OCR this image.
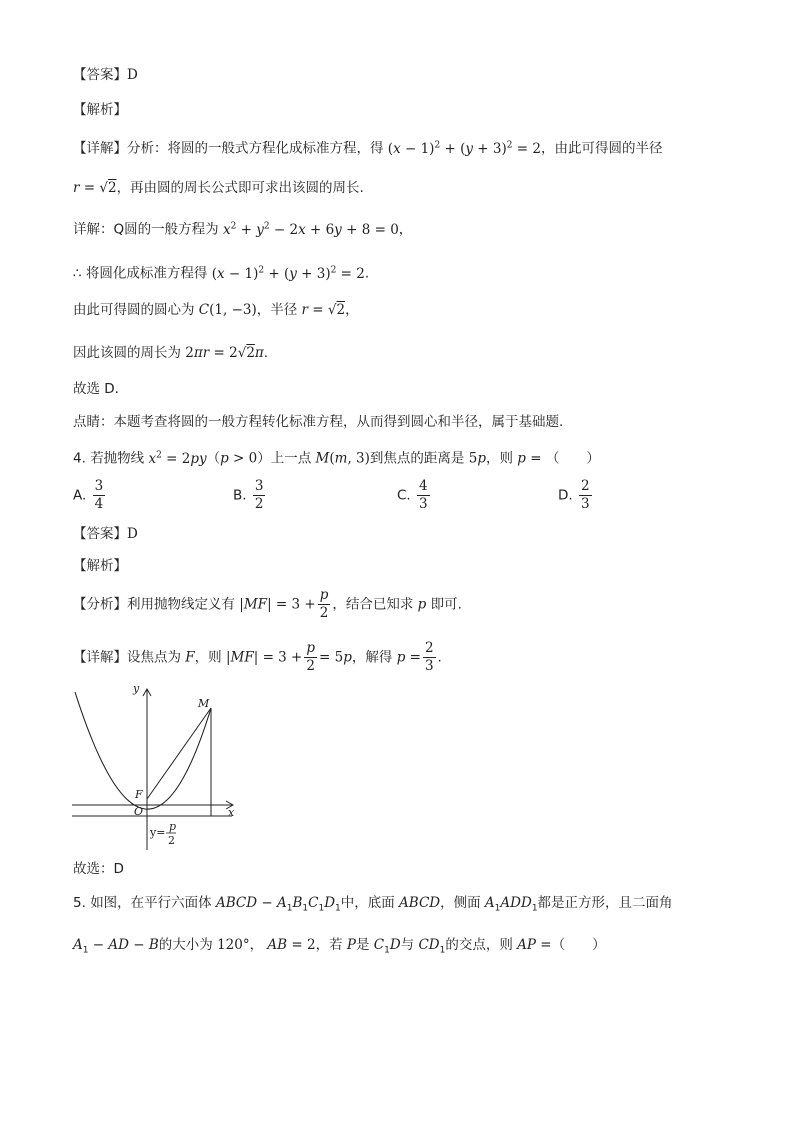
【答案】D
【解析】
【详解】分析：将圆的一般式方程化成标准方程，得 $(x - 1)^2 + (y + 3)^2 = 2$，由此可得圆的半径
r = √2，再由圆的周长公式即可求出该圆的周长.
详解：Q圆的一般方程为 $x^2 + y^2 - 2x + 6y + 8 = 0$，
∴ 将圆化成标准方程得 $(x - 1)^2 + (y + 3)^2 = 2$.
由此可得圆的圆心为 C(1, −3)，半径 r = √2，
因此该圆的周长为 2πr = 2√2π.
故选 D.
点睛：本题考查将圆的一般方程转化标准方程，从而得到圆心和半径，属于基础题.
4. 若抛物线 $x^2 = 2py(p > 0)$上一点 M(m, 3)到焦点的距离是 5p，则 p = （　　）
A. $\frac{3}{4}$	B. $\frac{3}{2}$	C. $\frac{4}{3}$	D. $\frac{2}{3}$
【答案】D
【解析】
【分析】利用抛物线定义有 $|MF| = 3 + \frac{p}{2}$ ，结合已知求 p 即可.
【详解】设焦点为 F，则 $|MF| = 3 + \frac{p}{2} = 5p$，解得 $p = \frac{2}{3}$ .
y
x
M
F
O
y= p
2
故选：D
5. 如图，在平行六面体 ABCD − $A_1B_1C_1D_1$中，底面 ABCD，侧面 $A_1ADD_1$都是正方形，且二面角
$A_1$ − AD − B的大小为 120°， AB = 2，若 P是 $C_1D$与 $CD_1$的交点，则 AP =（　　）
